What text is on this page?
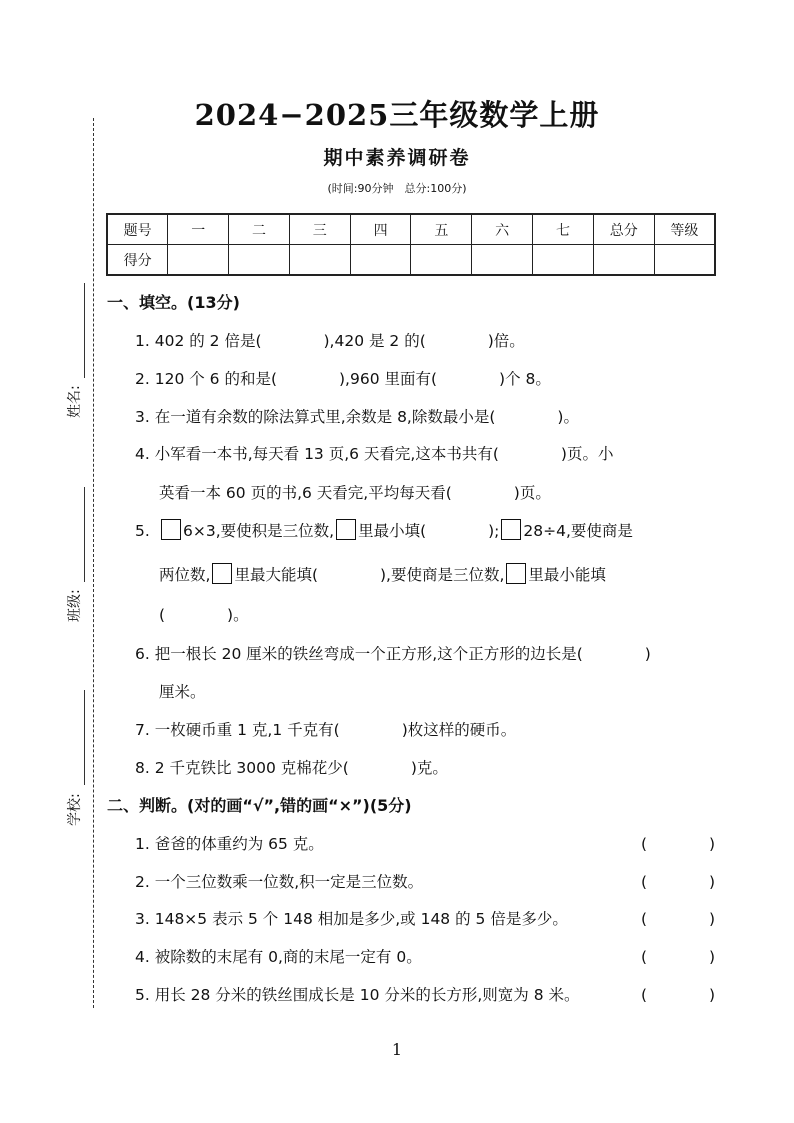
姓名:
班级:
学校:
2024−2025三年级数学上册
期中素养调研卷
(时间:90分钟　总分:100分)
题号	一	二	三	四	五	六	七	总分	等级
得分									
一、填空。(13分)
1. 402 的 2 倍是(　　　　),420 是 2 的(　　　　)倍。
2. 120 个 6 的和是(　　　　),960 里面有(　　　　)个 8。
3. 在一道有余数的除法算式里,余数是 8,除数最小是(　　　　)。
4. 小军看一本书,每天看 13 页,6 天看完,这本书共有(　　　　)页。小
英看一本 60 页的书,6 天看完,平均每天看(　　　　)页。
5. 6×3,要使积是三位数, 里最小填(　　　　); 28÷4,要使商是
两位数, 里最大能填(　　　　),要使商是三位数, 里最小能填
(　　　　)。
6. 把一根长 20 厘米的铁丝弯成一个正方形,这个正方形的边长是(　　　　)
厘米。
7. 一枚硬币重 1 克,1 千克有(　　　　)枚这样的硬币。
8. 2 千克铁比 3000 克棉花少(　　　　)克。
二、判断。(对的画“√”,错的画“×”)(5分)
1. 爸爸的体重约为 65 克。	(　　　　)
2. 一个三位数乘一位数,积一定是三位数。	(　　　　)
3. 148×5 表示 5 个 148 相加是多少,或 148 的 5 倍是多少。	(　　　　)
4. 被除数的末尾有 0,商的末尾一定有 0。	(　　　　)
5. 用长 28 分米的铁丝围成长是 10 分米的长方形,则宽为 8 米。	(　　　　)
1
